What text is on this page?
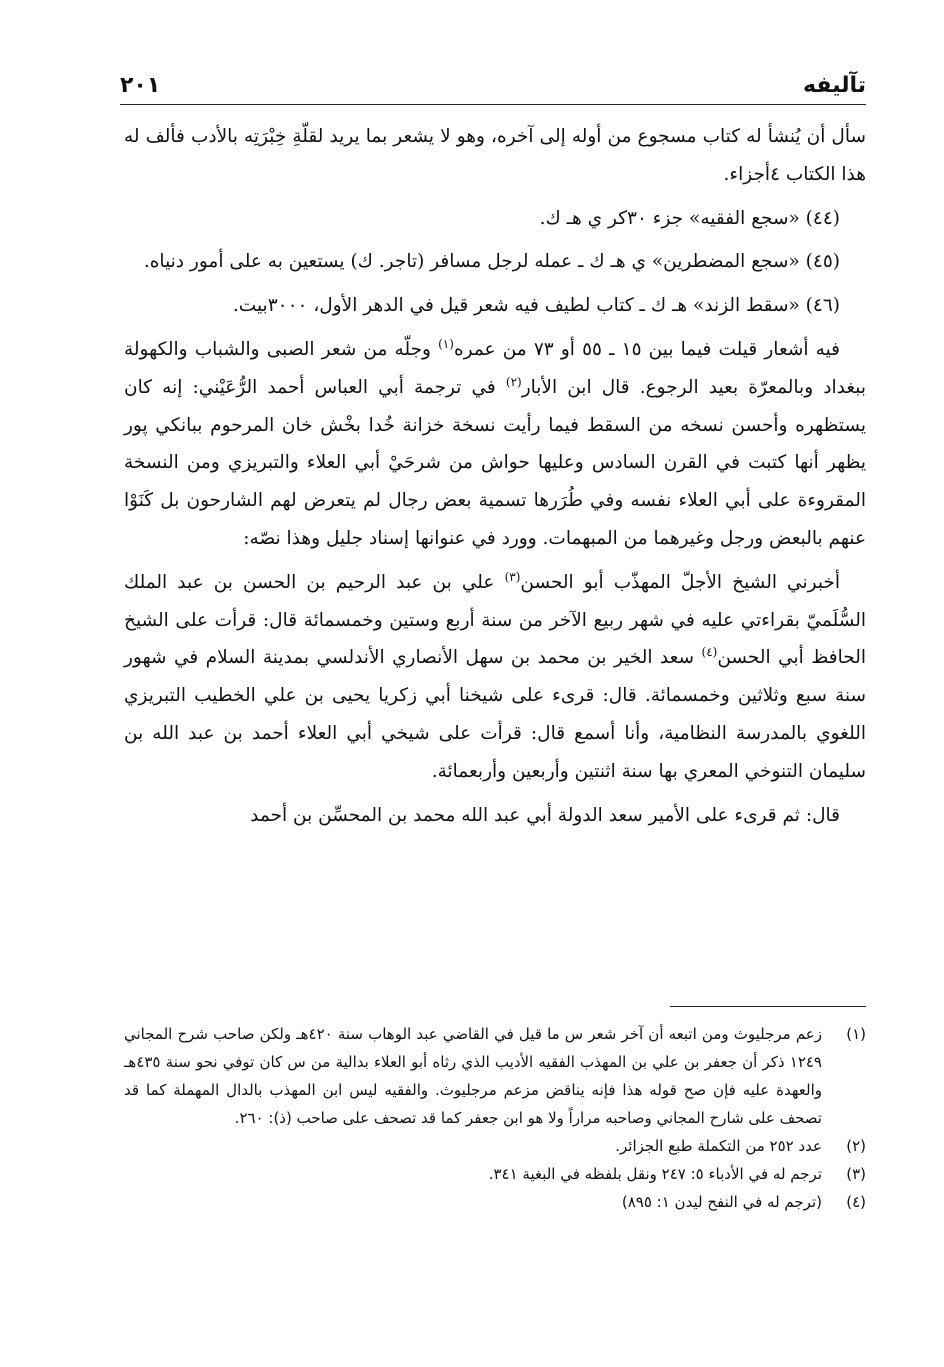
٢٠١	تآليفه

سأل أن يُنشأ له كتاب مسجوع من أوله إلى آخره، وهو لا يشعر بما يريد لقلّةِ خِبْرَتِه بالأدب فألف له هذا الكتاب ٤أجزاء.

(٤٤) «سجع الفقيه» جزء ٣٠كر ي هـ ك.

(٤٥) «سجع المضطرين» ي هـ ك ـ عمله لرجل مسافر (تاجر. ك) يستعين به على أمور دنياه.

(٤٦) «سقط الزند» هـ ك ـ كتاب لطيف فيه شعر قيل في الدهر الأول، ٣٠٠٠بيت.

فيه أشعار قيلت فيما بين ١٥ ـ ٥٥ أو ٧٣ من عمره$^{(١)}$ وجلّه من شعر الصبى والشباب والكهولة ببغداد وبالمعرّة بعيد الرجوع. قال ابن الأبار$^{(٢)}$ في ترجمة أبي العباس أحمد الرُّعَيْني: إنه كان يستظهره وأحسن نسخه من السقط فيما رأيت نسخة خزانة خُدا بخْش خان المرحوم ببانكي پور يظهر أنها كتبت في القرن السادس وعليها حواش من شرحَيْ أبي العلاء والتبريزي ومن النسخة المقروءة على أبي العلاء نفسه وفي طُرَرها تسمية بعض رجال لم يتعرض لهم الشارحون بل كَنَوْا عنهم بالبعض ورجل وغيرهما من المبهمات. وورد في عنوانها إسناد جليل وهذا نصّه:

أخبرني الشيخ الأجلّ المهذّب أبو الحسن$^{(٣)}$ علي بن عبد الرحيم بن الحسن بن عبد الملك السُّلَميّ بقراءتي عليه في شهر ربيع الآخر من سنة أربع وستين وخمسمائة قال: قرأت على الشيخ الحافظ أبي الحسن$^{(٤)}$ سعد الخير بن محمد بن سهل الأنصاري الأندلسي بمدينة السلام في شهور سنة سبع وثلاثين وخمسمائة. قال: قرىء على شيخنا أبي زكريا يحيى بن علي الخطيب التبريزي اللغوي بالمدرسة النظامية، وأنا أسمع قال: قرأت على شيخي أبي العلاء أحمد بن عبد الله بن سليمان التنوخي المعري بها سنة اثنتين وأربعين وأربعمائة.

قال: ثم قرىء على الأمير سعد الدولة أبي عبد الله محمد بن المحسِّن بن أحمد

(١)
زعم مرجليوث ومن اتبعه أن آخر شعر س ما قيل في القاضي عبد الوهاب سنة ٤٢٠هـ ولكن صاحب شرح المجاني ١٢٤٩ ذكر أن جعفر بن علي بن المهذب الفقيه الأديب الذي رثاه أبو العلاء بدالية من س كان توفي نحو سنة ٤٣٥هـ والعهدة عليه فإن صح قوله هذا فإنه يناقض مزعم مرجليوث. والفقيه ليس ابن المهذب بالدال المهملة كما قد تصحف على شارح المجاني وصاحبه مراراً ولا هو ابن جعفر كما قد تصحف على صاحب (ذ): ٢٦٠.
(٢)
عدد ٢٥٢ من التكملة طبع الجزائر.
(٣)
ترجم له في الأدباء ٥: ٢٤٧ ونقل بلفظه في البغية ٣٤١.
(٤)
(ترجم له في النفح ليدن ١: ٨٩٥)
